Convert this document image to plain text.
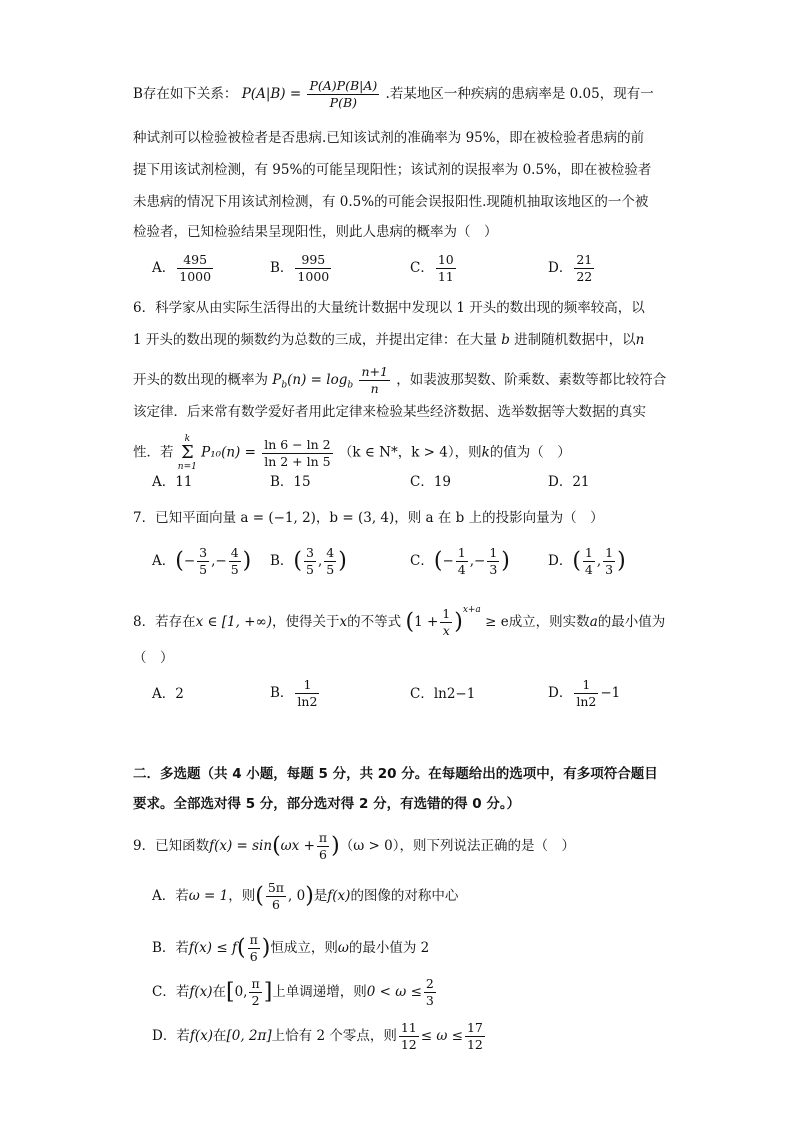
B存在如下关系： $P(A|B) = \frac{P(A)P(B|A)}{P(B)}$ .若某地区一种疾病的患病率是 0.05，现有一
种试剂可以检验被检者是否患病.已知该试剂的准确率为 95%，即在被检验者患病的前
提下用该试剂检测，有 95%的可能呈现阳性；该试剂的误报率为 0.5%，即在被检验者
未患病的情况下用该试剂检测，有 0.5%的可能会误报阳性.现随机抽取该地区的一个被
检验者，已知检验结果呈现阳性，则此人患病的概率为（　）
A． $\frac{495}{1000}$	B． $\frac{995}{1000}$	C． $\frac{10}{11}$	D． $\frac{21}{22}$
6．科学家从由实际生活得出的大量统计数据中发现以 1 开头的数出现的频率较高，以
1 开头的数出现的频数约为总数的三成，并提出定律：在大量 b 进制随机数据中，以n
开头的数出现的概率为 $P_b(n) = \log_b \frac{n+1}{n}$ ，如裴波那契数、阶乘数、素数等都比较符合
该定律．后来常有数学爱好者用此定律来检验某些经济数据、选举数据等大数据的真实
性．若 k
Σ
n=1 $P_{10}(n) = \frac{\ln 6 - \ln 2}{\ln 2 + \ln 5} (k$ ∈ N*，k > 4），则k的值为（　）
A．11	B．15	C．19	D．21
7．已知平面向量 a = (−1, 2)，b = (3, 4)，则 a 在 b 上的投影向量为（　）
A．(− $\frac{3}{5}$ ,− $\frac{4}{5}$ ) B．( $\frac{3}{5}$ , $\frac{4}{5}$ )	C．(− $\frac{1}{4}$ ,− $\frac{1}{3}$ )	D．( $\frac{1}{4}$ , $\frac{1}{3}$ )
8．若存在x ∈ [1, +∞)，使得关于x的不等式 $(1 + \frac{1}{x} )^{x+a} \ge e$成立，则实数a的最小值为
（　）
A．2	B． $\frac{1}{\ln 2}$	C．ln2−1	D． $\frac{1}{\ln 2} -1$
二．多选题（共 4 小题，每题 5 分，共 20 分。在每题给出的选项中，有多项符合题目
要求。全部选对得 5 分，部分选对得 2 分，有选错的得 0 分。）
9．已知函数$f(x) = \sin(\omega x + \frac{\pi}{6} )(\omega > 0)$，则下列说法正确的是（　）
A．若ω = 1，则( $\frac{5\pi}{6}$ , 0)是f(x)的图像的对称中心
B．若$f(x) \le f( \frac{\pi}{6}$ )恒成立，则ω的最小值为 2
C．若f(x)在[0, $\frac{\pi}{2}$ ]上单调递增，则$0 < \omega \le \frac{2}{3}$
D．若f(x)在[0, 2π]上恰有 2 个零点，则 $\frac{11}{12} \le \omega \le \frac{17}{12}$
